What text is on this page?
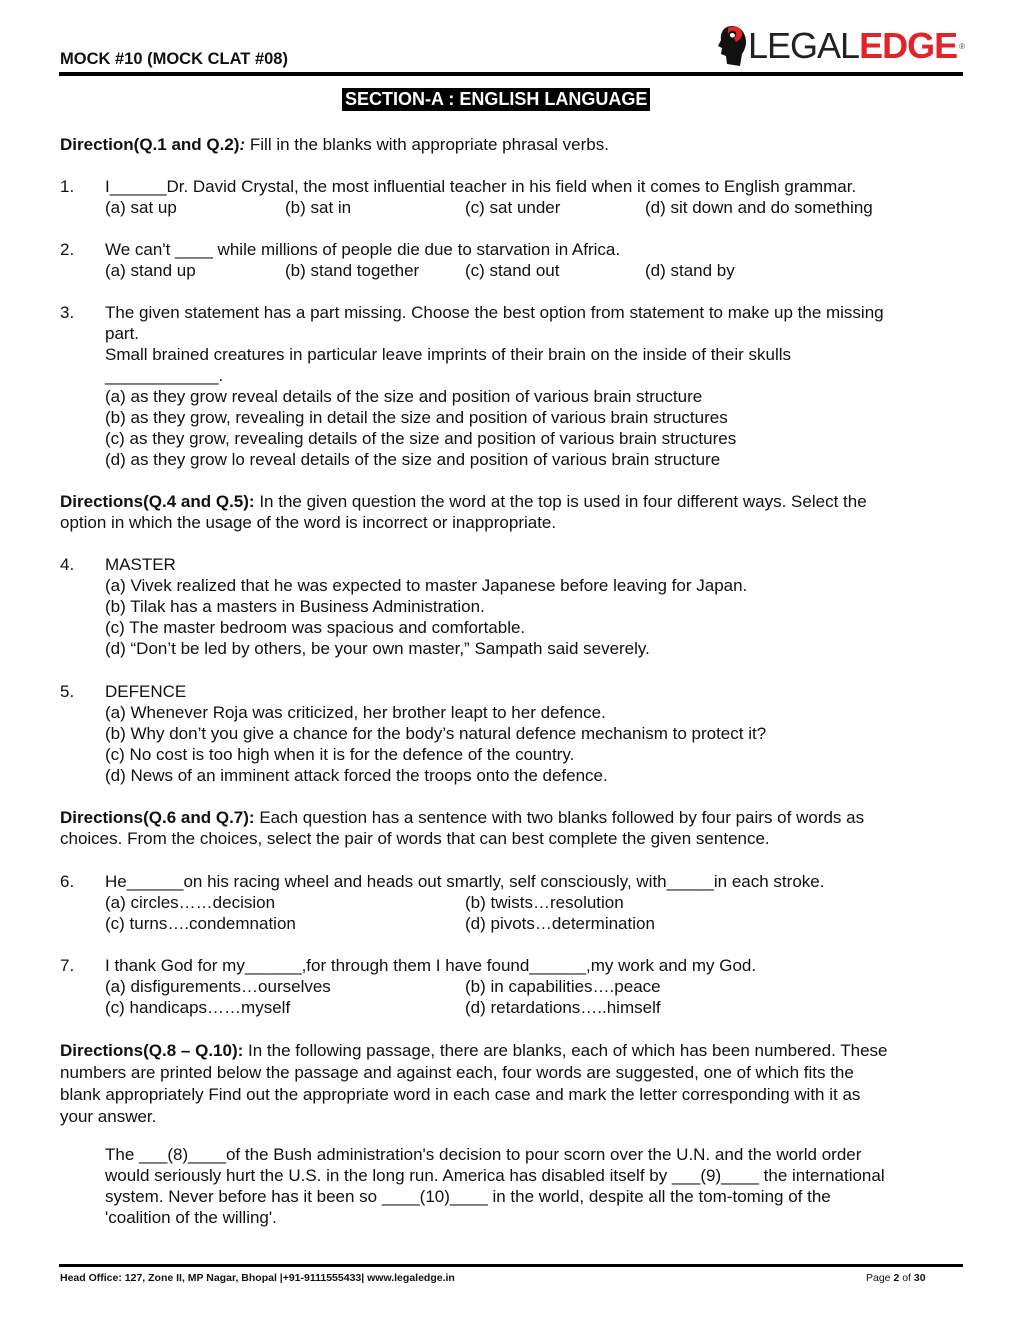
MOCK #10 (MOCK CLAT #08)	LEGAL EDGE ®
SECTION-A : ENGLISH LANGUAGE
Direction(Q.1 and Q.2): Fill in the blanks with appropriate phrasal verbs.
1. I______Dr. David Crystal, the most influential teacher in his field when it comes to English grammar.
(a) sat up	(b) sat in	(c) sat under	(d) sit down and do something
2. We can't ____ while millions of people die due to starvation in Africa.
(a) stand up	(b) stand together	(c) stand out	(d) stand by
3. The given statement has a part missing. Choose the best option from statement to make up the missing
part.
Small brained creatures in particular leave imprints of their brain on the inside of their skulls
____________.
(a) as they grow reveal details of the size and position of various brain structure
(b) as they grow, revealing in detail the size and position of various brain structures
(c) as they grow, revealing details of the size and position of various brain structures
(d) as they grow lo reveal details of the size and position of various brain structure
Directions(Q.4 and Q.5): In the given question the word at the top is used in four different ways. Select the
option in which the usage of the word is incorrect or inappropriate.
4. MASTER
(a) Vivek realized that he was expected to master Japanese before leaving for Japan.
(b) Tilak has a masters in Business Administration.
(c) The master bedroom was spacious and comfortable.
(d) “Don’t be led by others, be your own master,” Sampath said severely.
5. DEFENCE
(a) Whenever Roja was criticized, her brother leapt to her defence.
(b) Why don’t you give a chance for the body’s natural defence mechanism to protect it?
(c) No cost is too high when it is for the defence of the country.
(d) News of an imminent attack forced the troops onto the defence.
Directions(Q.6 and Q.7): Each question has a sentence with two blanks followed by four pairs of words as
choices. From the choices, select the pair of words that can best complete the given sentence.
6. He______on his racing wheel and heads out smartly, self consciously, with_____in each stroke.
(a) circles……decision	(b) twists…resolution
(c) turns….condemnation	(d) pivots…determination
7. I thank God for my______,for through them I have found______,my work and my God.
(a) disfigurements…ourselves	(b) in capabilities….peace
(c) handicaps……myself	(d) retardations…..himself
Directions(Q.8 – Q.10): In the following passage, there are blanks, each of which has been numbered. These
numbers are printed below the passage and against each, four words are suggested, one of which fits the
blank appropriately Find out the appropriate word in each case and mark the letter corresponding with it as
your answer.
The ___(8)____of the Bush administration's decision to pour scorn over the U.N. and the world order
would seriously hurt the U.S. in the long run. America has disabled itself by ___(9)____ the international
system. Never before has it been so ____(10)____ in the world, despite all the tom-toming of the
'coalition of the willing'.
Head Office: 127, Zone II, MP Nagar, Bhopal |+91-9111555433| www.legaledge.in	Page 2 of 30
